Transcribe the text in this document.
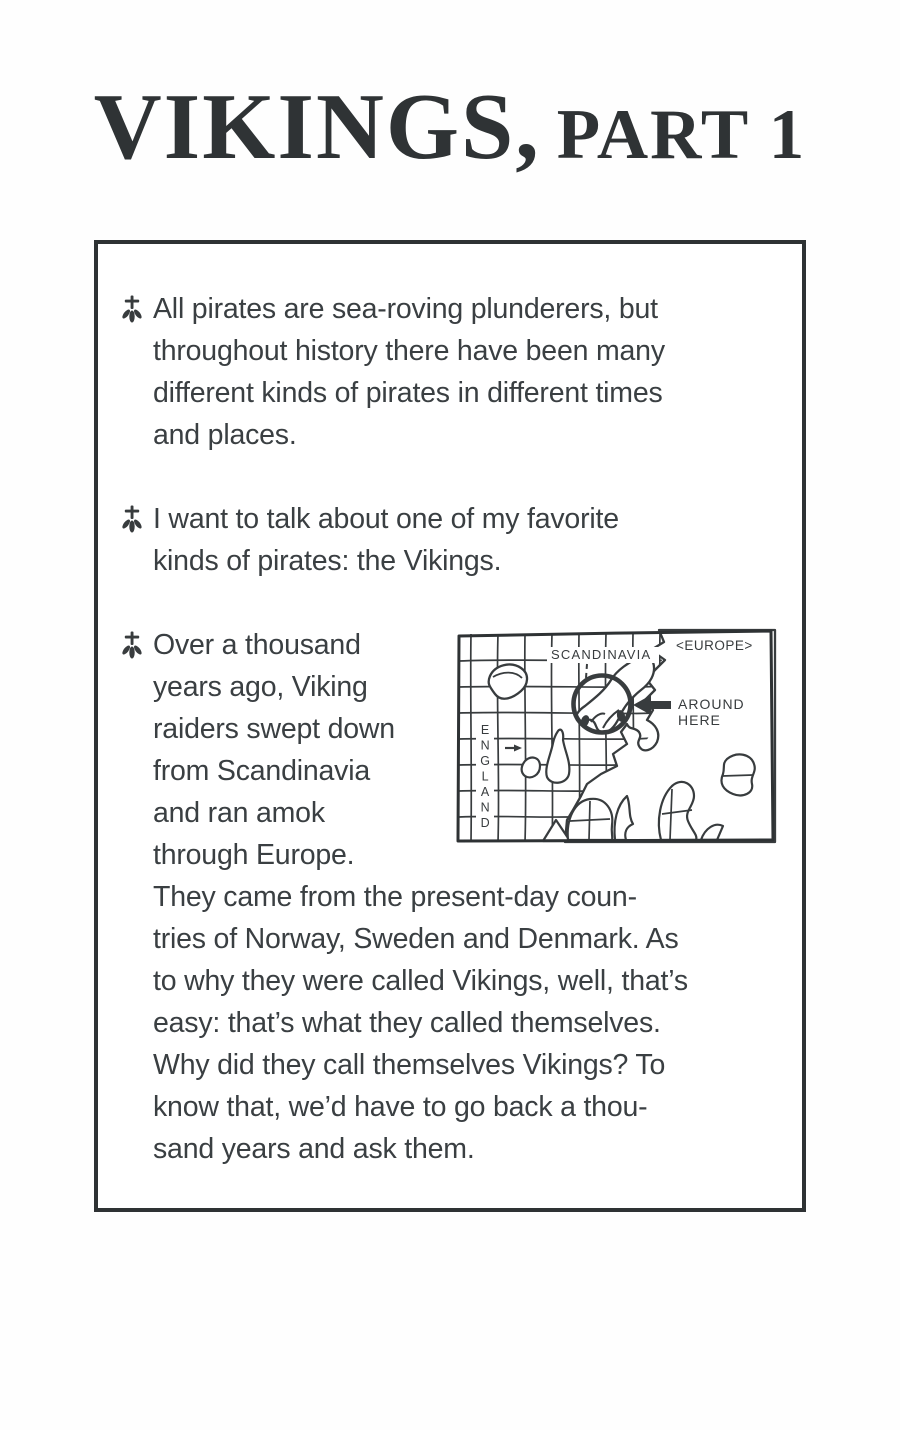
VIKINGS, PART 1
All pirates are sea-roving plunderers, but
throughout history there have been many
different kinds of pirates in different times
and places.
I want to talk about one of my favorite
kinds of pirates: the Vikings.
Over a thousand
years ago, Viking
raiders swept down
from Scandinavia
and ran amok
through Europe.
SCANDINAVIA
<EUROPE>
AROUND
HERE
E
N
G
L
A
N
D
They came from the present-day coun-
tries of Norway, Sweden and Denmark. As
to why they were called Vikings, well, that’s
easy: that’s what they called themselves.
Why did they call themselves Vikings? To
know that, we’d have to go back a thou-
sand years and ask them.
